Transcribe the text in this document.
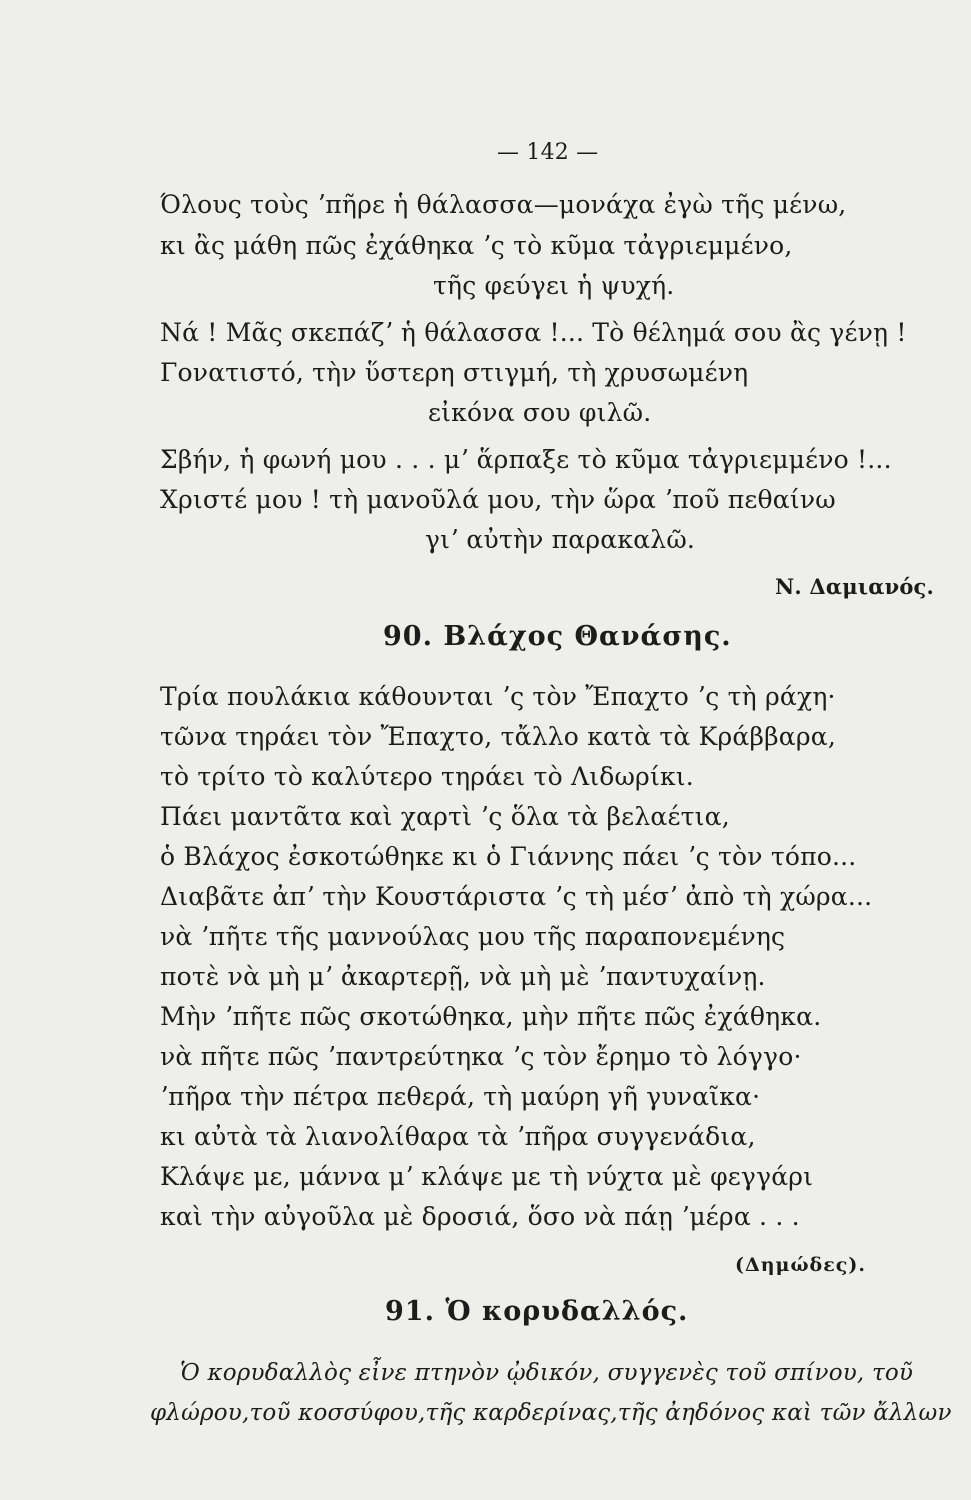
— 142 —
Όλους τοὺς ʼπῆρε ἡ θάλασσα—μονάχα ἐγὼ τῆς μένω,
κι ἂς μάθη πῶς ἐχάθηκα ʼς τὸ κῦμα τἀγριεμμένο,
τῆς φεύγει ἡ ψυχή.
Νά ! Μᾶς σκεπάζʼ ἡ θάλασσα !... Τὸ θέλημά σου ἂς γένῃ !
Γονατιστό, τὴν ὕστερη στιγμή, τὴ χρυσωμένη
εἰκόνα σου φιλῶ.
Σβήν, ἡ φωνή μου . . . μʼ ἅρπαξε τὸ κῦμα τἀγριεμμένο !...
Χριστέ μου ! τὴ μανοῦλά μου, τὴν ὥρα ʼποῦ πεθαίνω
γιʼ αὐτὴν παρακαλῶ.
Ν. Δαμιανός.
90. Βλάχος Θανάσης.
Τρία πουλάκια κάθουνται ʼς τὸν Ἔπαχτο ʼς τὴ ράχη·
τῶνα τηράει τὸν Ἔπαχτο, τἄλλο κατὰ τὰ Κράββαρα,
τὸ τρίτο τὸ καλύτερο τηράει τὸ Λιδωρίκι.
Πάει μαντᾶτα καὶ χαρτὶ ʼς ὅλα τὰ βελαέτια,
ὁ Βλάχος ἐσκοτώθηκε κι ὁ Γιάννης πάει ʼς τὸν τόπο...
Διαβᾶτε ἀπʼ τὴν Κουστάριστα ʼς τὴ μέσʼ ἀπὸ τὴ χώρα...
νὰ ʼπῆτε τῆς μαννούλας μου τῆς παραπονεμένης
ποτὲ νὰ μὴ μʼ ἀκαρτερῇ, νὰ μὴ μὲ ʼπαντυχαίνῃ.
Μὴν ʼπῆτε πῶς σκοτώθηκα, μὴν πῆτε πῶς ἐχάθηκα.
νὰ πῆτε πῶς ʼπαντρεύτηκα ʼς τὸν ἔρημο τὸ λόγγο·
ʼπῆρα τὴν πέτρα πεθερά, τὴ μαύρη γῆ γυναῖκα·
κι αὐτὰ τὰ λιανολίθαρα τὰ ʼπῆρα συγγενάδια,
Κλάψε με, μάννα μʼ κλάψε με τὴ νύχτα μὲ φεγγάρι
καὶ τὴν αὐγοῦλα μὲ δροσιά, ὅσο νὰ πάῃ ʼμέρα . . .
(Δημώδες).
91. Ὁ κορυδαλλός.
Ὁ κορυδαλλὸς εἶνε πτηνὸν ᾠδικόν, συγγενὲς τοῦ σπίνου, τοῦ
φλώρου,τοῦ κοσσύφου,τῆς καρδερίνας,τῆς ἀηδόνος καὶ τῶν ἄλλων
